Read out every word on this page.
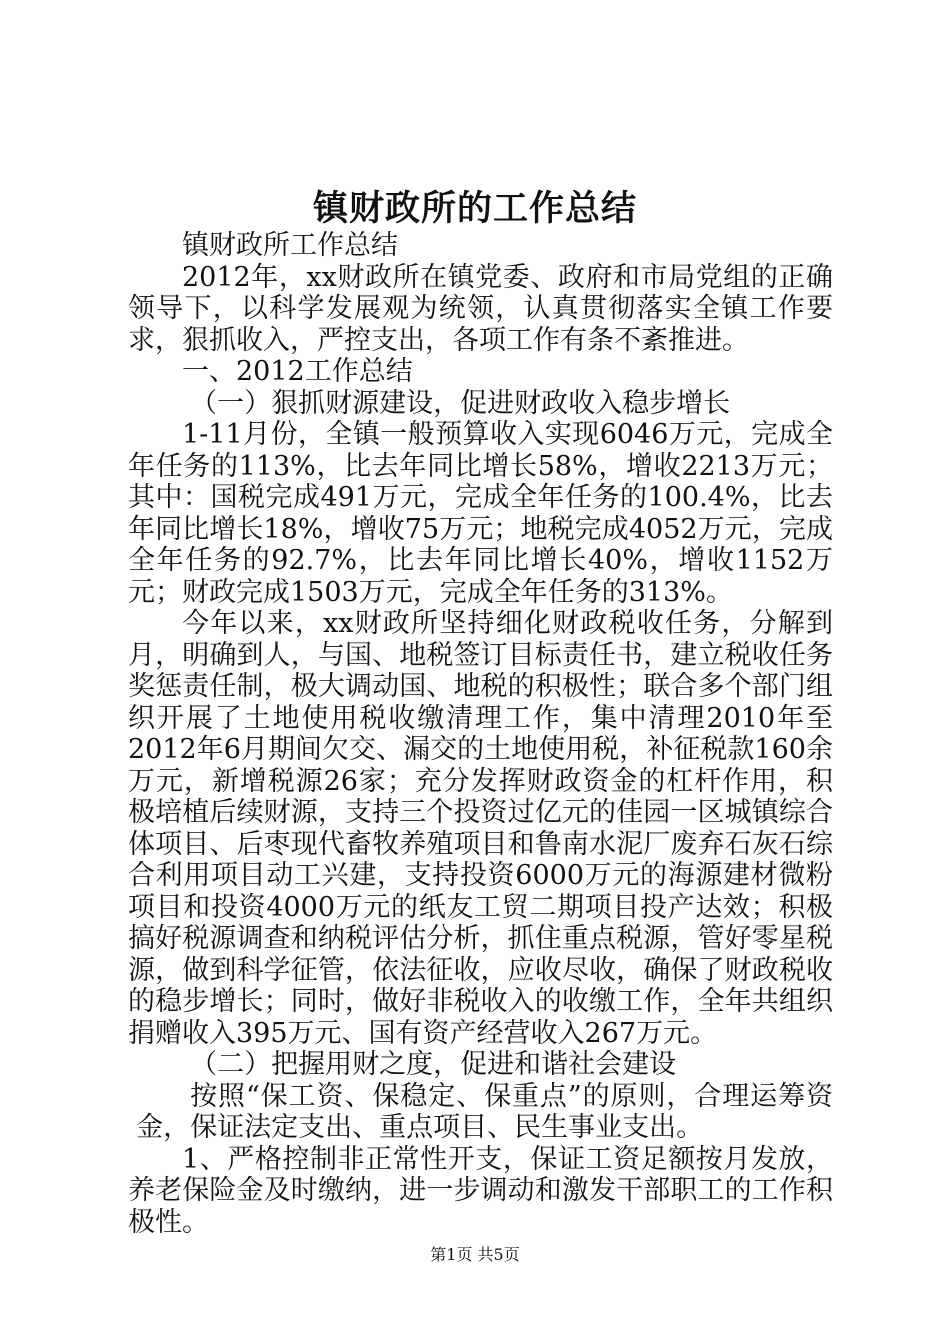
镇财政所的工作总结

镇财政所工作总结

2012年，xx财政所在镇党委、政府和市局党组的正确领导下，以科学发展观为统领，认真贯彻落实全镇工作要求，狠抓收入，严控支出，各项工作有条不紊推进。

一、2012工作总结

（一）狠抓财源建设，促进财政收入稳步增长

1-11月份，全镇一般预算收入实现6046万元，完成全年任务的113%，比去年同比增长58%，增收2213万元；其中：国税完成491万元，完成全年任务的100.4%，比去年同比增长18%，增收75万元；地税完成4052万元，完成全年任务的92.7%，比去年同比增长40%，增收1152万元；财政完成1503万元，完成全年任务的313%。

今年以来，xx财政所坚持细化财政税收任务，分解到月，明确到人，与国、地税签订目标责任书，建立税收任务奖惩责任制，极大调动国、地税的积极性；联合多个部门组织开展了土地使用税收缴清理工作，集中清理2010年至2012年6月期间欠交、漏交的土地使用税，补征税款160余万元，新增税源26家；充分发挥财政资金的杠杆作用，积极培植后续财源，支持三个投资过亿元的佳园一区城镇综合体项目、后枣现代畜牧养殖项目和鲁南水泥厂废弃石灰石综合利用项目动工兴建，支持投资6000万元的海源建材微粉项目和投资4000万元的纸友工贸二期项目投产达效；积极搞好税源调查和纳税评估分析，抓住重点税源，管好零星税源，做到科学征管，依法征收，应收尽收，确保了财政税收的稳步增长；同时，做好非税收入的收缴工作，全年共组织捐赠收入395万元、国有资产经营收入267万元。

（二）把握用财之度，促进和谐社会建设

按照“保工资、保稳定、保重点”的原则，合理运筹资金，保证法定支出、重点项目、民生事业支出。

1、严格控制非正常性开支，保证工资足额按月发放，养老保险金及时缴纳，进一步调动和激发干部职工的工作积极性。

第1页 共5页
